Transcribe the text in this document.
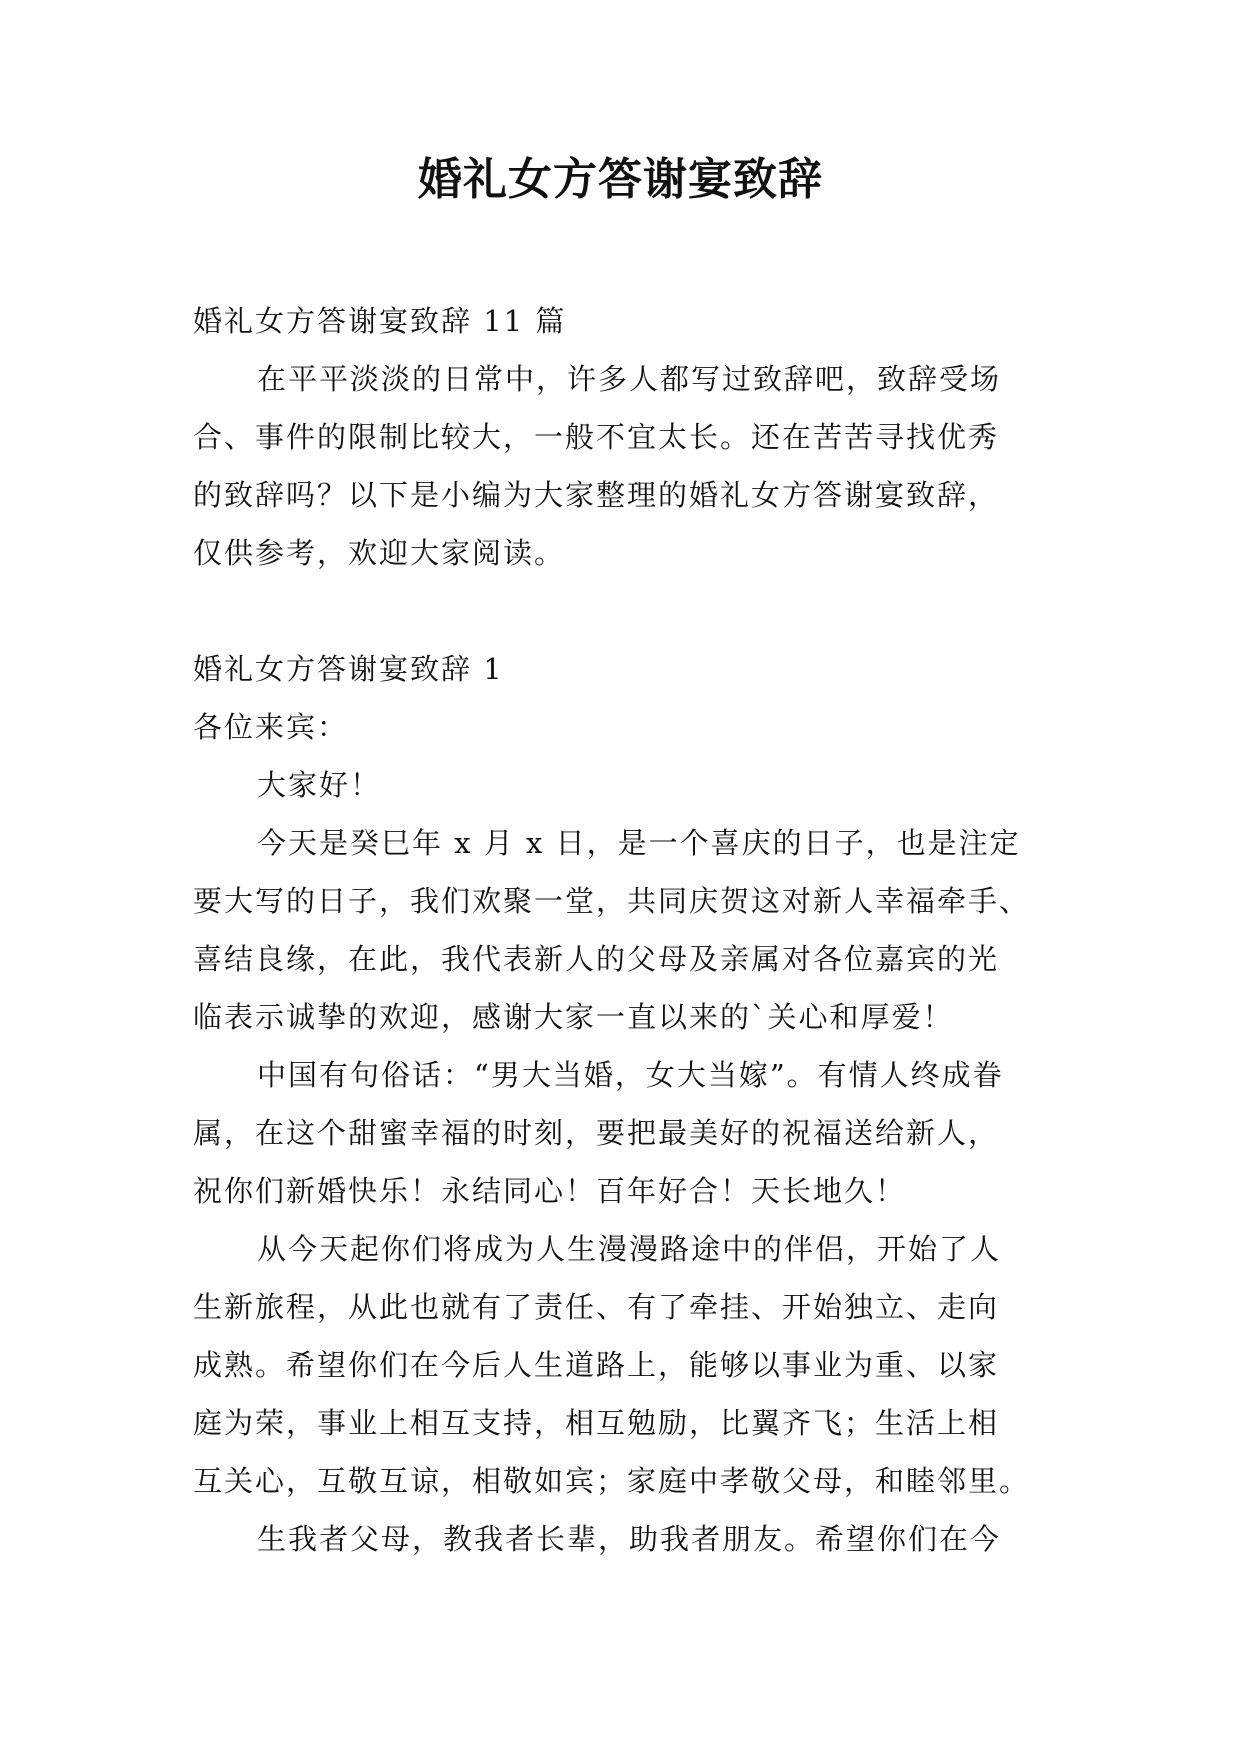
婚礼女方答谢宴致辞
婚礼女方答谢宴致辞 11 篇
在平平淡淡的日常中，许多人都写过致辞吧，致辞受场
合、事件的限制比较大，一般不宜太长。还在苦苦寻找优秀
的致辞吗？以下是小编为大家整理的婚礼女方答谢宴致辞，
仅供参考，欢迎大家阅读。
婚礼女方答谢宴致辞 1
各位来宾：
大家好！
今天是癸巳年 x 月 x 日，是一个喜庆的日子，也是注定
要大写的日子，我们欢聚一堂，共同庆贺这对新人幸福牵手、
喜结良缘，在此，我代表新人的父母及亲属对各位嘉宾的光
临表示诚挚的欢迎，感谢大家一直以来的`关心和厚爱！
中国有句俗话：“男大当婚，女大当嫁”。有情人终成眷
属，在这个甜蜜幸福的时刻，要把最美好的祝福送给新人，
祝你们新婚快乐！永结同心！百年好合！天长地久！
从今天起你们将成为人生漫漫路途中的伴侣，开始了人
生新旅程，从此也就有了责任、有了牵挂、开始独立、走向
成熟。希望你们在今后人生道路上，能够以事业为重、以家
庭为荣，事业上相互支持，相互勉励，比翼齐飞；生活上相
互关心，互敬互谅，相敬如宾；家庭中孝敬父母，和睦邻里。
生我者父母，教我者长辈，助我者朋友。希望你们在今
